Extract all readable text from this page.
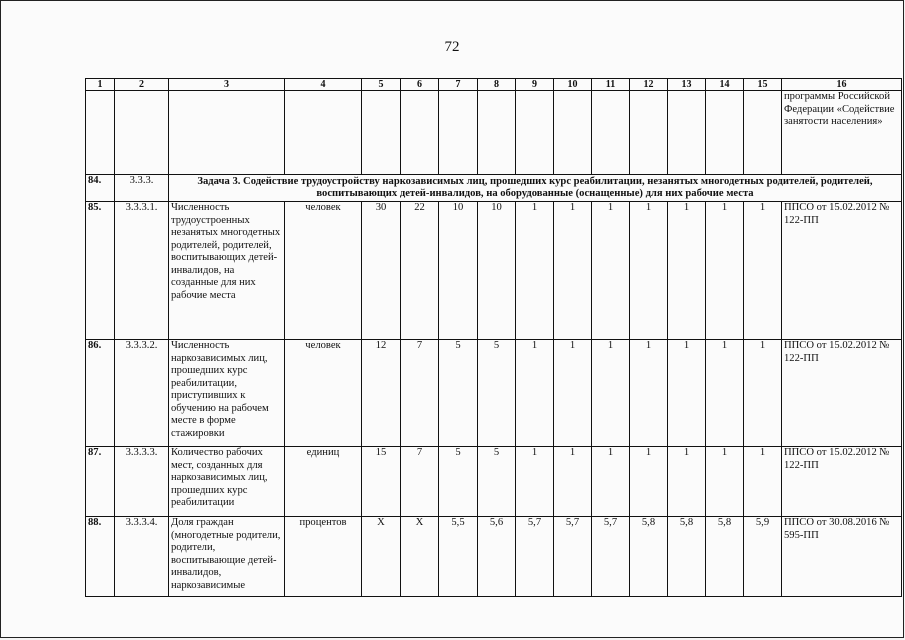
72
1	2	3	4	5	6	7	8	9	10	11	12	13	14	15	16
															программы Российской Федерации «Содействие занятости населения»
84.	3.3.3.	Задача 3. Содействие трудоустройству наркозависимых лиц, прошедших курс реабилитации, незанятых многодетных родителей, родителей, воспитывающих детей-инвалидов, на оборудованные (оснащенные) для них рабочие места													
85.	3.3.3.1.	Численность трудоустроенных незанятых многодетных родителей, родителей, воспитывающих детей-инвалидов, на созданные для них рабочие места	человек	30	22	10	10	1	1	1	1	1	1	1	ППСО от 15.02.2012 № 122-ПП
86.	3.3.3.2.	Численность наркозависимых лиц, прошедших курс реабилитации, приступивших к обучению на рабочем месте в форме стажировки	человек	12	7	5	5	1	1	1	1	1	1	1	ППСО от 15.02.2012 № 122-ПП
87.	3.3.3.3.	Количество рабочих мест, созданных для наркозависимых лиц, прошедших курс реабилитации	единиц	15	7	5	5	1	1	1	1	1	1	1	ППСО от 15.02.2012 № 122-ПП
88.	3.3.3.4.	Доля граждан (многодетные родители, родители, воспитывающие детей-инвалидов, наркозависимые	процентов	Х	Х	5,5	5,6	5,7	5,7	5,7	5,8	5,8	5,8	5,9	ППСО от 30.08.2016 № 595-ПП
